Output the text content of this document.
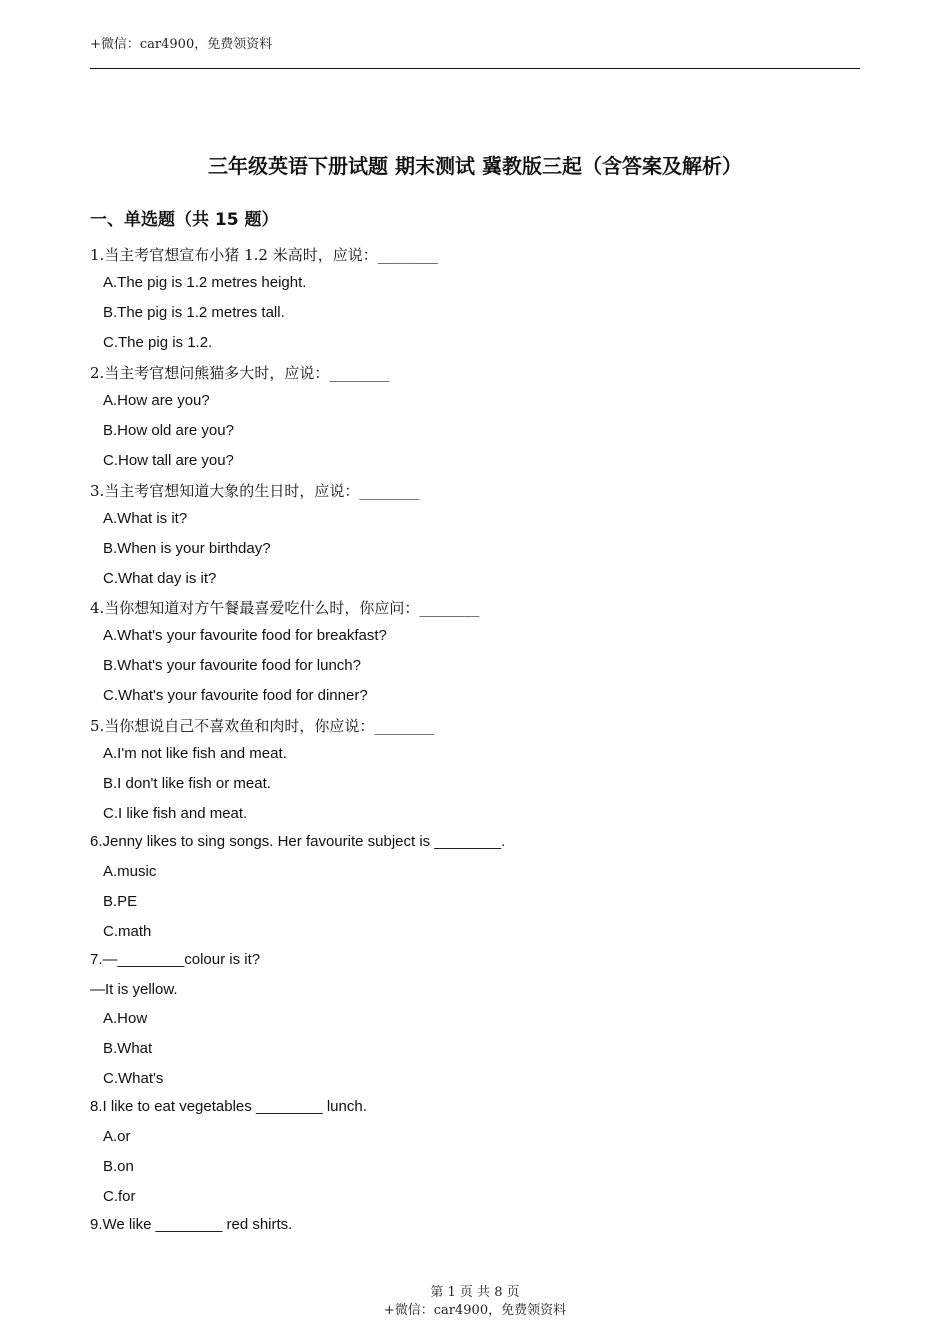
+微信：car4900，免费领资料
三年级英语下册试题 期末测试 冀教版三起（含答案及解析）
一、单选题（共 15 题）
1.当主考官想宣布小猪 1.2 米高时，应说：________
A.The pig is 1.2 metres height.
B.The pig is 1.2 metres tall.
C.The pig is 1.2.
2.当主考官想问熊猫多大时，应说：________
A.How are you?
B.How old are you?
C.How tall are you?
3.当主考官想知道大象的生日时，应说：________
A.What is it?
B.When is your birthday?
C.What day is it?
4.当你想知道对方午餐最喜爱吃什么时，你应问：________
A.What's your favourite food for breakfast?
B.What's your favourite food for lunch?
C.What's your favourite food for dinner?
5.当你想说自己不喜欢鱼和肉时，你应说：________
A.I'm not like fish and meat.
B.I don't like fish or meat.
C.I like fish and meat.
6.Jenny likes to sing songs. Her favourite subject is ________.
A.music
B.PE
C.math
7.—________colour is it?
—It is yellow.
A.How
B.What
C.What's
8.I like to eat vegetables ________ lunch.
A.or
B.on
C.for
9.We like ________ red shirts.
第 1 页 共 8 页
+微信：car4900，免费领资料
